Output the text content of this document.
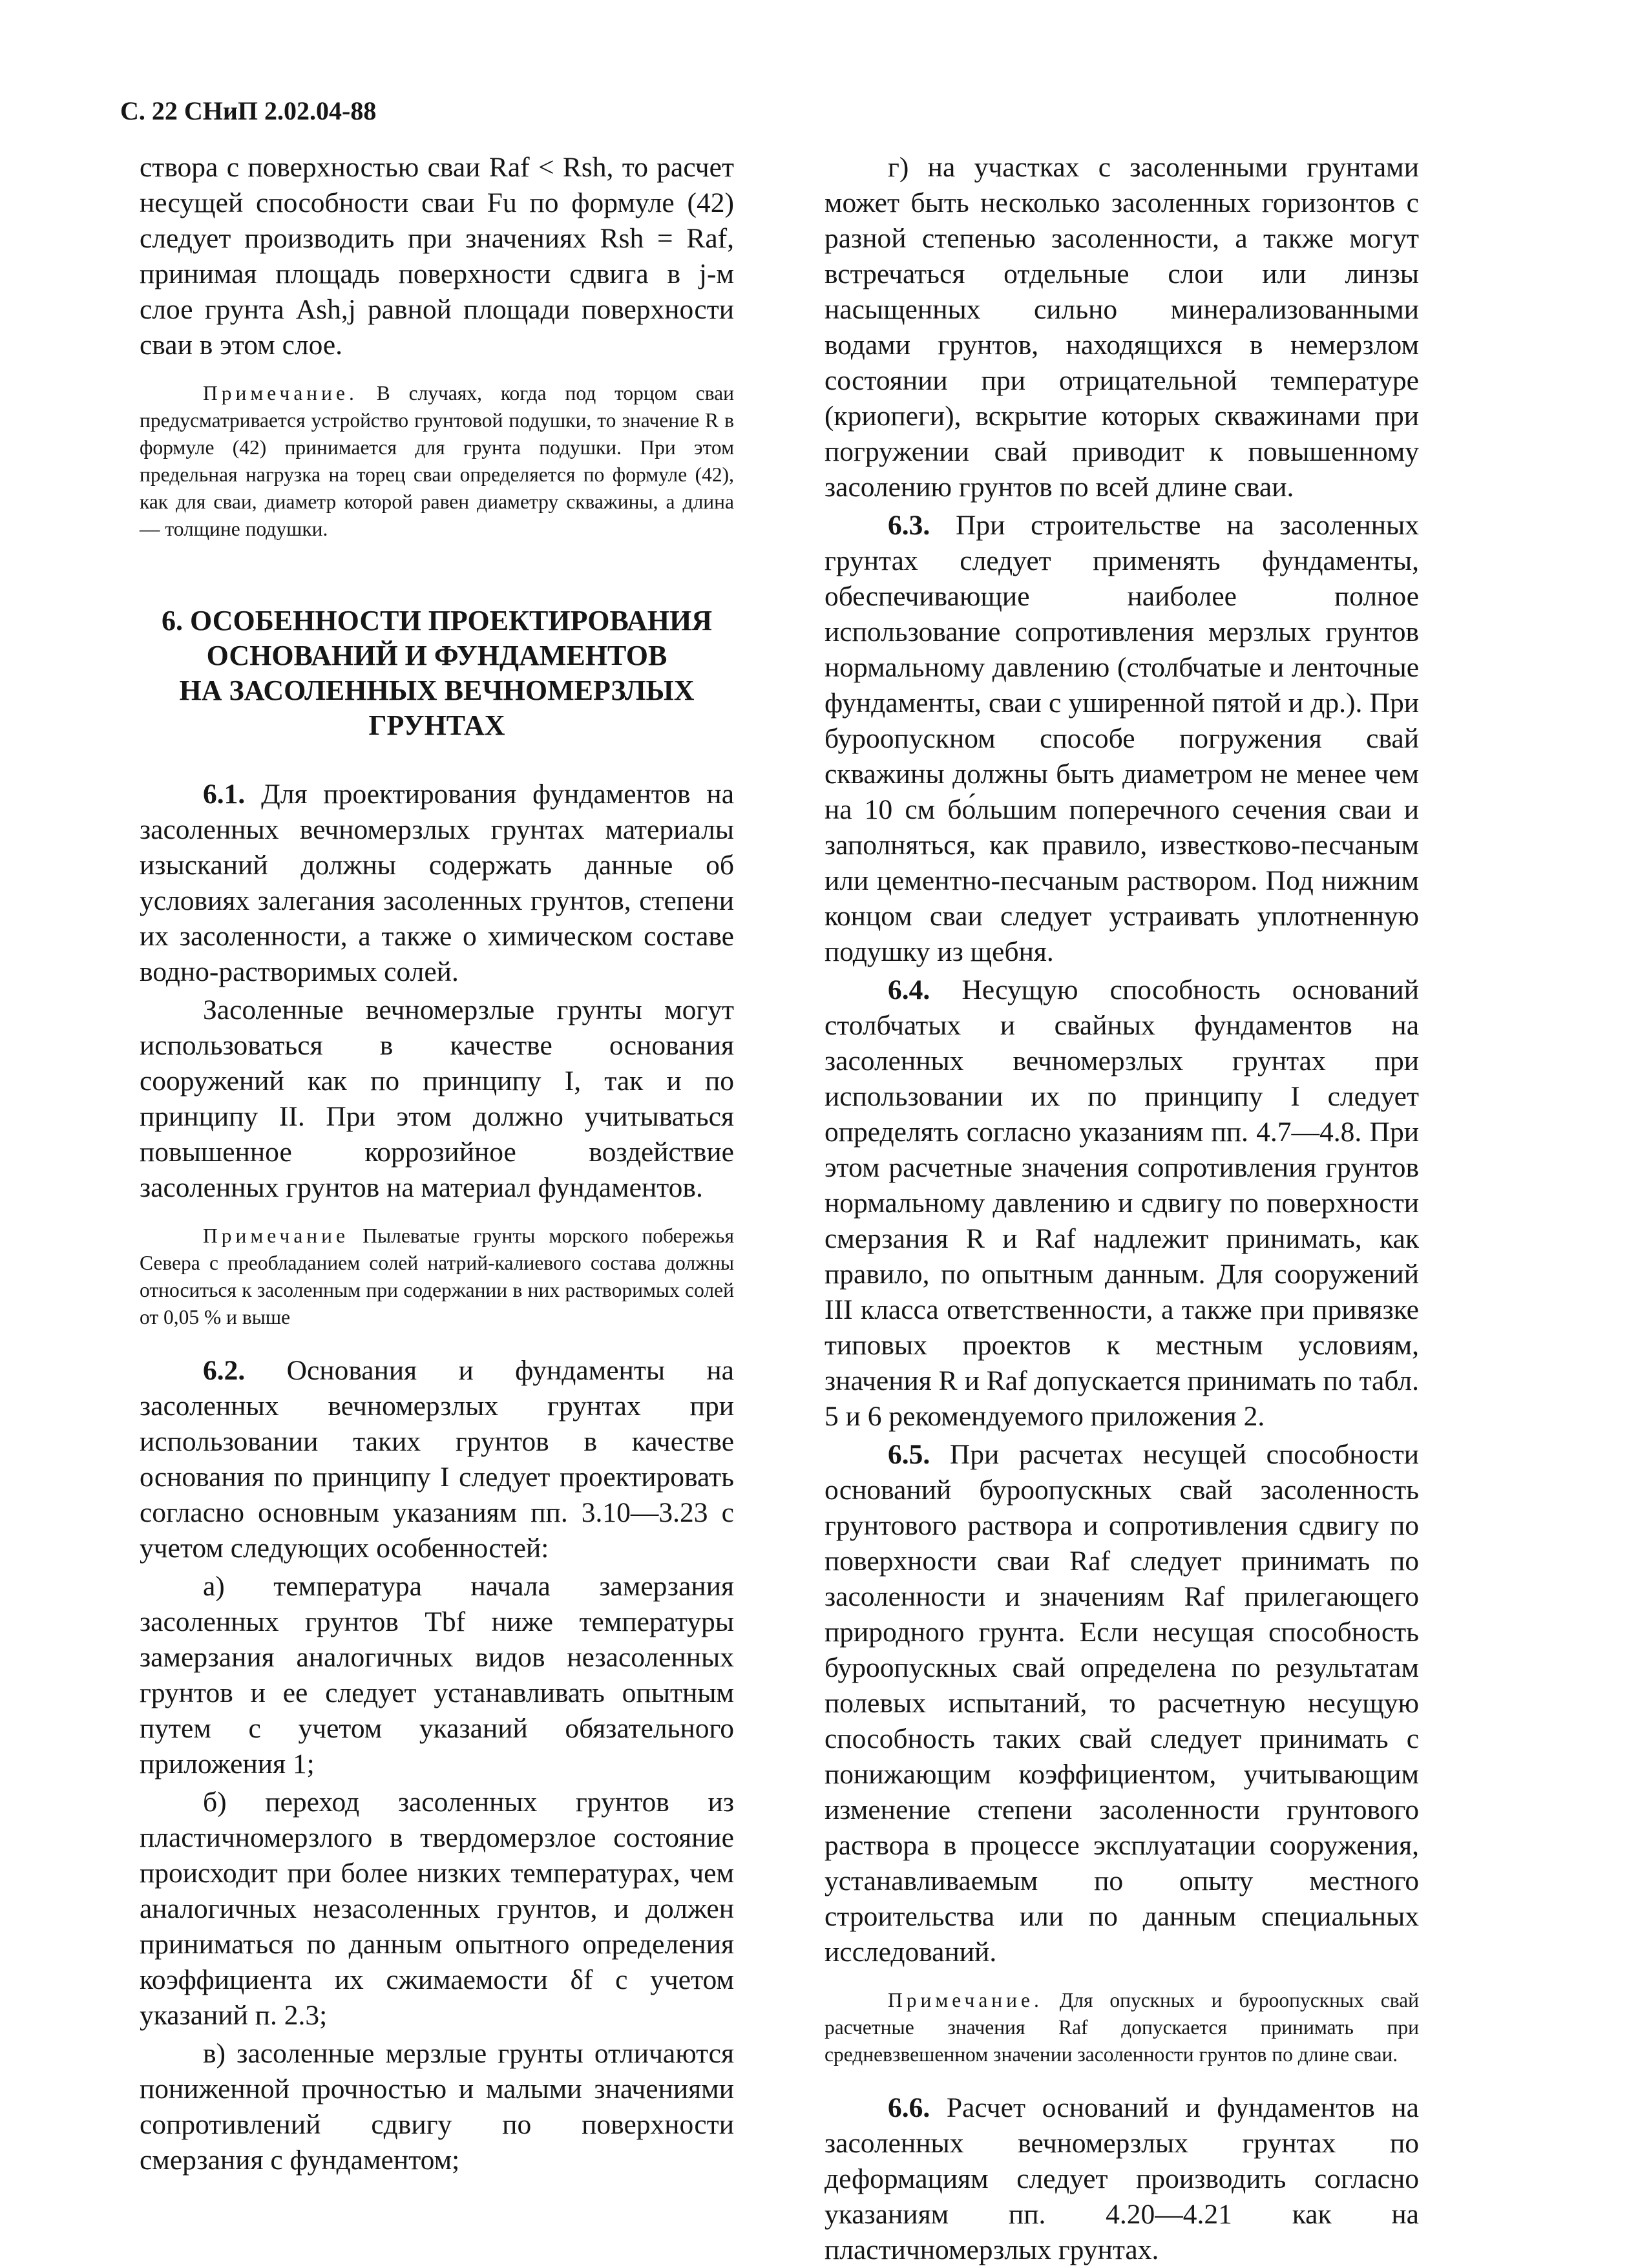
С. 22 СНиП 2.02.04-88

створа с поверхностью сваи Raf < Rsh, то расчет несущей способности сваи Fu по формуле (42) следует производить при значениях Rsh = Raf, принимая площадь поверхности сдвига в j-м слое грунта Ash,j равной площади поверхности сваи в этом слое.

Примечание. В случаях, когда под торцом сваи предусматривается устройство грунтовой подушки, то значение R в формуле (42) принимается для грунта подушки. При этом предельная нагрузка на торец сваи определяется по формуле (42), как для сваи, диаметр которой равен диаметру скважины, а длина — толщине подушки.
6. ОСОБЕННОСТИ ПРОЕКТИРОВАНИЯ
ОСНОВАНИЙ И ФУНДАМЕНТОВ
НА ЗАСОЛЕННЫХ ВЕЧНОМЕРЗЛЫХ
ГРУНТАХ

6.1. Для проектирования фундаментов на засоленных вечномерзлых грунтах материалы изысканий должны содержать данные об условиях залегания засоленных грунтов, степени их засоленности, а также о химическом составе водно-растворимых солей.

Засоленные вечномерзлые грунты могут использоваться в качестве основания сооружений как по принципу I, так и по принципу II. При этом должно учитываться повышенное коррозийное воздействие засоленных грунтов на материал фундаментов.

Примечание Пылеватые грунты морского побережья Севера с преобладанием солей натрий-калиевого состава должны относиться к засоленным при содержании в них растворимых солей от 0,05 % и выше

6.2. Основания и фундаменты на засоленных вечномерзлых грунтах при использовании таких грунтов в качестве основания по принципу I следует проектировать согласно основным указаниям пп. 3.10—3.23 с учетом следующих особенностей:

а) температура начала замерзания засоленных грунтов Tbf ниже температуры замерзания аналогичных видов незасоленных грунтов и ее следует устанавливать опытным путем с учетом указаний обязательного приложения 1;

б) переход засоленных грунтов из пластичномерзлого в твердомерзлое состояние происходит при более низких температурах, чем аналогичных незасоленных грунтов, и должен приниматься по данным опытного определения коэффициента их сжимаемости δf с учетом указаний п. 2.3;

в) засоленные мерзлые грунты отличаются пониженной прочностью и малыми значениями сопротивлений сдвигу по поверхности смерзания с фундаментом;

г) на участках с засоленными грунтами может быть несколько засоленных горизонтов с разной степенью засоленности, а также могут встречаться отдельные слои или линзы насыщенных сильно минерализованными водами грунтов, находящихся в немерзлом состоянии при отрицательной температуре (криопеги), вскрытие которых скважинами при погружении свай приводит к повышенному засолению грунтов по всей длине сваи.

6.3. При строительстве на засоленных грунтах следует применять фундаменты, обеспечивающие наиболее полное использование сопротивления мерзлых грунтов нормальному давлению (столбчатые и ленточные фундаменты, сваи с уширенной пятой и др.). При буроопускном способе погружения свай скважины должны быть диаметром не менее чем на 10 см бо́льшим поперечного сечения сваи и заполняться, как правило, известково-песчаным или цементно-песчаным раствором. Под нижним концом сваи следует устраивать уплотненную подушку из щебня.

6.4. Несущую способность оснований столбчатых и свайных фундаментов на засоленных вечномерзлых грунтах при использовании их по принципу I следует определять согласно указаниям пп. 4.7—4.8. При этом расчетные значения сопротивления грунтов нормальному давлению и сдвигу по поверхности смерзания R и Raf надлежит принимать, как правило, по опытным данным. Для сооружений III класса ответственности, а также при привязке типовых проектов к местным условиям, значения R и Raf допускается принимать по табл. 5 и 6 рекомендуемого приложения 2.

6.5. При расчетах несущей способности оснований буроопускных свай засоленность грунтового раствора и сопротивления сдвигу по поверхности сваи Raf следует принимать по засоленности и значениям Raf прилегающего природного грунта. Если несущая способность буроопускных свай определена по результатам полевых испытаний, то расчетную несущую способность таких свай следует принимать с понижающим коэффициентом, учитывающим изменение степени засоленности грунтового раствора в процессе эксплуатации сооружения, устанавливаемым по опыту местного строительства или по данным специальных исследований.

Примечание. Для опускных и буроопускных свай расчетные значения Raf допускается принимать при средневзвешенном значении засоленности грунтов по длине сваи.

6.6. Расчет оснований и фундаментов на засоленных вечномерзлых грунтах по деформациям следует производить согласно указаниям пп. 4.20—4.21 как на пластичномерзлых грунтах.
